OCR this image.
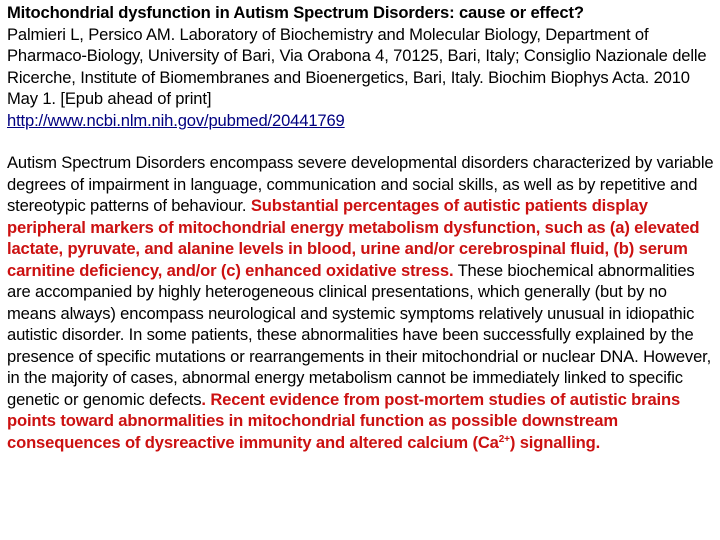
Mitochondrial dysfunction in Autism Spectrum Disorders: cause or effect?
Palmieri L, Persico AM. Laboratory of Biochemistry and Molecular Biology, Department of Pharmaco-Biology, University of Bari, Via Orabona 4, 70125, Bari, Italy; Consiglio Nazionale delle Ricerche, Institute of Biomembranes and Bioenergetics, Bari, Italy. Biochim Biophys Acta. 2010 May 1. [Epub ahead of print]
http://www.ncbi.nlm.nih.gov/pubmed/20441769

Autism Spectrum Disorders encompass severe developmental disorders characterized by variable degrees of impairment in language, communication and social skills, as well as by repetitive and stereotypic patterns of behaviour. Substantial percentages of autistic patients display peripheral markers of mitochondrial energy metabolism dysfunction, such as (a) elevated lactate, pyruvate, and alanine levels in blood, urine and/or cerebrospinal fluid, (b) serum carnitine deficiency, and/or (c) enhanced oxidative stress. These biochemical abnormalities are accompanied by highly heterogeneous clinical presentations, which generally (but by no means always) encompass neurological and systemic symptoms relatively unusual in idiopathic autistic disorder. In some patients, these abnormalities have been successfully explained by the presence of specific mutations or rearrangements in their mitochondrial or nuclear DNA. However, in the majority of cases, abnormal energy metabolism cannot be immediately linked to specific genetic or genomic defects. Recent evidence from post-mortem studies of autistic brains points toward abnormalities in mitochondrial function as possible downstream consequences of dysreactive immunity and altered calcium $(Ca^{2+})$ signalling.
